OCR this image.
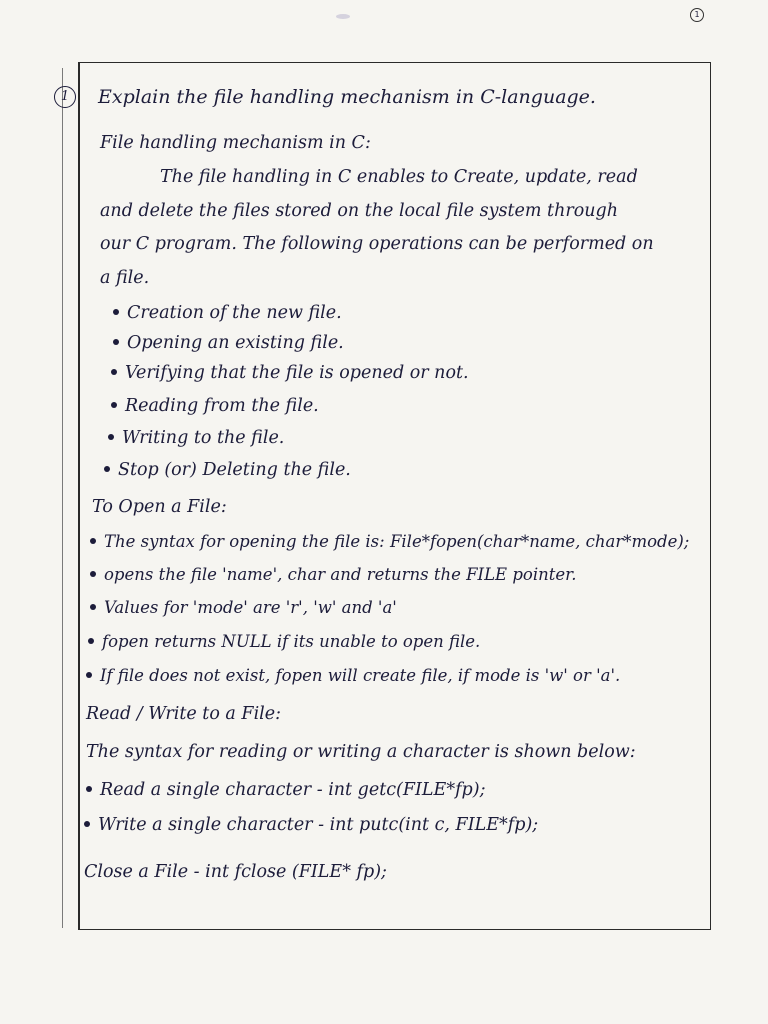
1
1	Explain the file handling mechanism in C-language.
File handling mechanism in C:
The file handling in C enables to Create, update, read
and delete the files stored on the local file system through
our C program. The following operations can be performed on
a file.
Creation of the new file.
Opening an existing file.
Verifying that the file is opened or not.
Reading from the file.
Writing to the file.
Stop (or) Deleting the file.
To Open a File:
The syntax for opening the file is: File*fopen(char*name, char*mode);
opens the file 'name', char and returns the FILE pointer.
Values for 'mode' are 'r', 'w' and 'a'
fopen returns NULL if its unable to open file.
If file does not exist, fopen will create file, if mode is 'w' or 'a'.
Read / Write to a File:
The syntax for reading or writing a character is shown below:
Read a single character - int getc(FILE*fp);
Write a single character - int putc(int c, FILE*fp);
Close a File - int fclose (FILE* fp);
